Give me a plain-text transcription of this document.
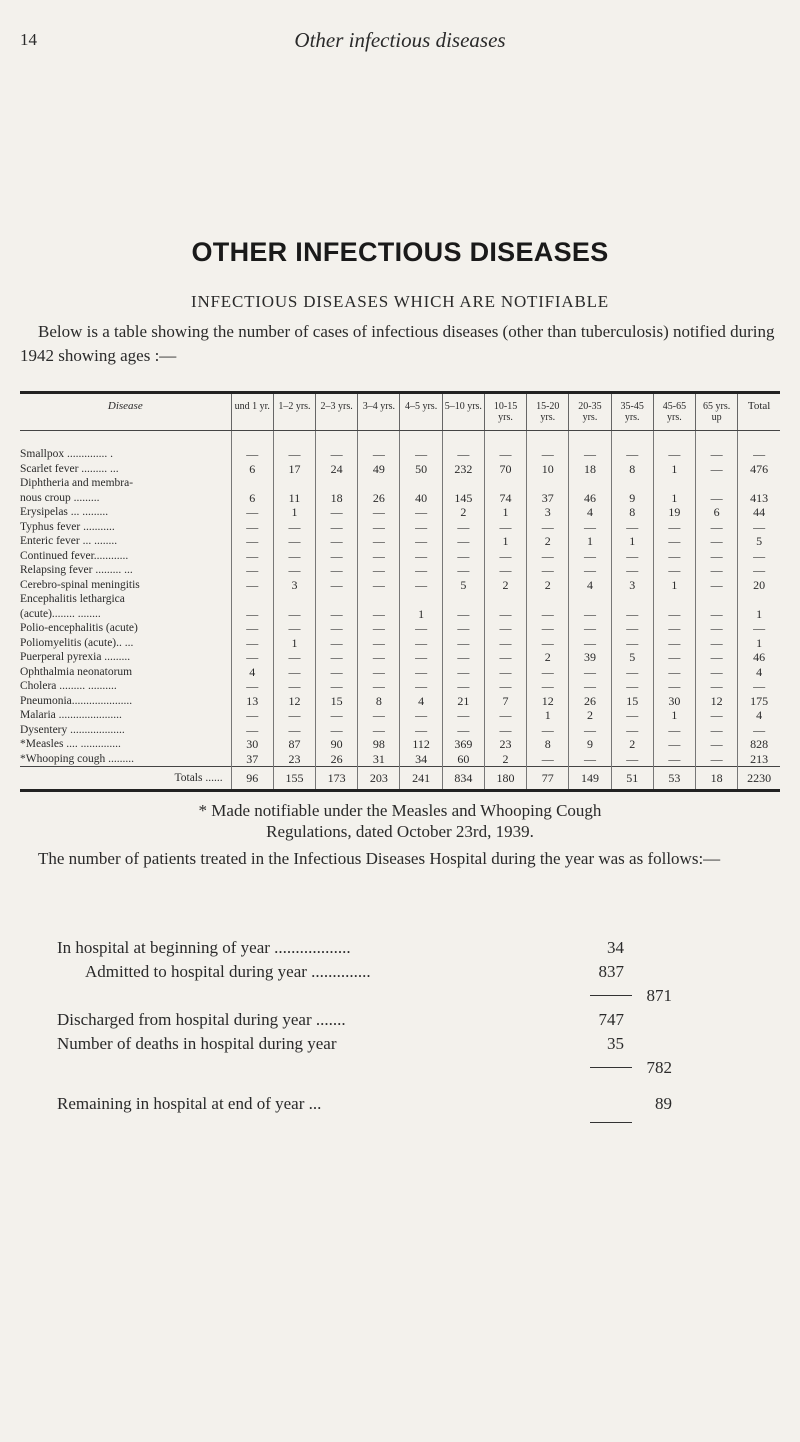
14	Other infectious diseases
OTHER INFECTIOUS DISEASES
INFECTIOUS DISEASES WHICH ARE NOTIFIABLE
Below is a table showing the number of cases of infectious diseases (other than tuberculosis) notified during 1942 showing ages :—
Disease	und 1 yr.	1–2 yrs.	2–3 yrs.	3–4 yrs.	4–5 yrs.	5–10 yrs.	10-15 yrs.	15-20 yrs.	20-35 yrs.	35-45 yrs.	45-65 yrs.	65 yrs. up	Total

Smallpox .............. .	—	—	—	—	—	—	—	—	—	—	—	—	—

Scarlet fever ......... ...	6	17	24	49	50	232	70	10	18	8	1	—	476

Diphtheria and membra-
nous croup .........	6	11	18	26	40	145	74	37	46	9	1	—	413

Erysipelas ... .........	—	1	—	—	—	2	1	3	4	8	19	6	44

Typhus fever ...........	—	—	—	—	—	—	—	—	—	—	—	—	—

Enteric fever ... ........	—	—	—	—	—	—	1	2	1	1	—	—	5

Continued fever............	—	—	—	—	—	—	—	—	—	—	—	—	—

Relapsing fever ......... ...	—	—	—	—	—	—	—	—	—	—	—	—	—

Cerebro-spinal meningitis	—	3	—	—	—	5	2	2	4	3	1	—	20

Encephalitis lethargica
(acute)........ ........	—	—	—	—	1	—	—	—	—	—	—	—	1

Polio-encephalitis (acute)	—	—	—	—	—	—	—	—	—	—	—	—	—

Poliomyelitis (acute).. ...	—	1	—	—	—	—	—	—	—	—	—	—	1

Puerperal pyrexia .........	—	—	—	—	—	—	—	2	39	5	—	—	46

Ophthalmia neonatorum	4	—	—	—	—	—	—	—	—	—	—	—	4

Cholera ......... ..........	—	—	—	—	—	—	—	—	—	—	—	—	—

Pneumonia.....................	13	12	15	8	4	21	7	12	26	15	30	12	175

Malaria ......................	—	—	—	—	—	—	—	1	2	—	1	—	4

Dysentery ...................	—	—	—	—	—	—	—	—	—	—	—	—	—

*Measles .... ..............	30	87	90	98	112	369	23	8	9	2	—	—	828

*Whooping cough .........	37	23	26	31	34	60	2	—	—	—	—	—	213
Totals ......	96	155	173	203	241	834	180	77	149	51	53	18	2230
* Made notifiable under the Measles and Whooping Cough
Regulations, dated October 23rd, 1939.
The number of patients treated in the Infectious Diseases Hospital during the year was as follows:—
In hospital at beginning of year ..................	34
Admitted to hospital during year ..............	837
871
Discharged from hospital during year .......	747
Number of deaths in hospital during year	35
782
Remaining in hospital at end of year ...	89
